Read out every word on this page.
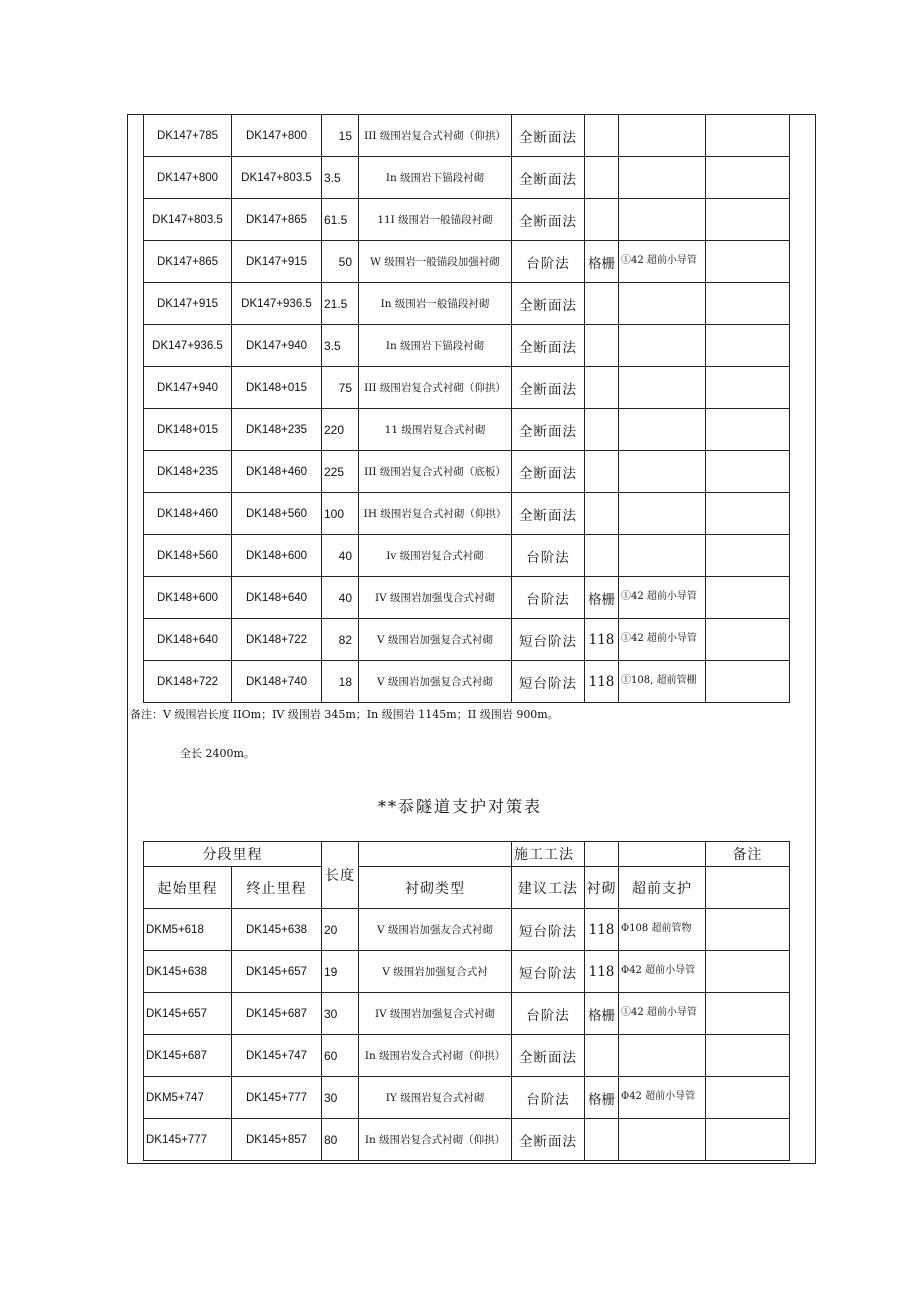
DK147+785	DK147+800	15	III 级围岩复合式衬砌（仰拱）	全断面法			
DK147+800	DK147+803.5	3.5	In 级围岩下锚段衬砌	全断面法			
DK147+803.5	DK147+865	61.5	11I 级围岩一般锚段衬砌	全断面法			
DK147+865	DK147+915	50	W 级围岩一般锚段加强衬砌	台阶法	格栅	①42 超前小导管	
DK147+915	DK147+936.5	21.5	In 级围岩一般锚段衬砌	全断面法			
DK147+936.5	DK147+940	3.5	In 级围岩下锚段衬砌	全断面法			
DK147+940	DK148+015	75	III 级围岩复合式衬砌（仰拱）	全断面法			
DK148+015	DK148+235	220	11 级围岩复合式衬砌	全断面法			
DK148+235	DK148+460	225	III 级围岩复合式衬砌（底板）	全断面法			
DK148+460	DK148+560	100	IH 级围岩复合式衬砌（仰拱）	全断面法			
DK148+560	DK148+600	40	Iv 级围岩复合式衬砌	台阶法			
DK148+600	DK148+640	40	IV 级围岩加强曳合式衬砌	台阶法	格栅	①42 超前小导管	
DK148+640	DK148+722	82	V 级围岩加强复合式衬砌	短台阶法	118	①42 超前小导管	
DK148+722	DK148+740	18	V 级围岩加强复合式衬砌	短台阶法	118	①108, 超前管棚	
备注：V 级围岩长度 IIOm；IV 级围岩 345m；In 级围岩 1145m；II 级围岩 900m。
全长 2400m。
**忝隧道支护对策表
分段里程		长度		施工工法			备注
起始里程	终止里程		衬砌类型	建议工法	衬砌	超前支护	
DKM5+618	DK145+638	20	V 级围岩加强友合式衬砌	短台阶法	118	Φ108 超前管物	
DK145+638	DK145+657	19	V 级围岩加强复合式衬	短台阶法	118	Φ42 超前小导管	
DK145+657	DK145+687	30	IV 级围岩加强复合式衬砌	台阶法	格栅	①42 超前小导管	
DK145+687	DK145+747	60	In 级围岩发合式衬砌（仰拱）	全断面法			
DKM5+747	DK145+777	30	IY 级围岩复合式衬砌	台阶法	格栅	Φ42 超前小导管	
DK145+777	DK145+857	80	In 级围岩复合式衬砌（仰拱）	全断面法			
